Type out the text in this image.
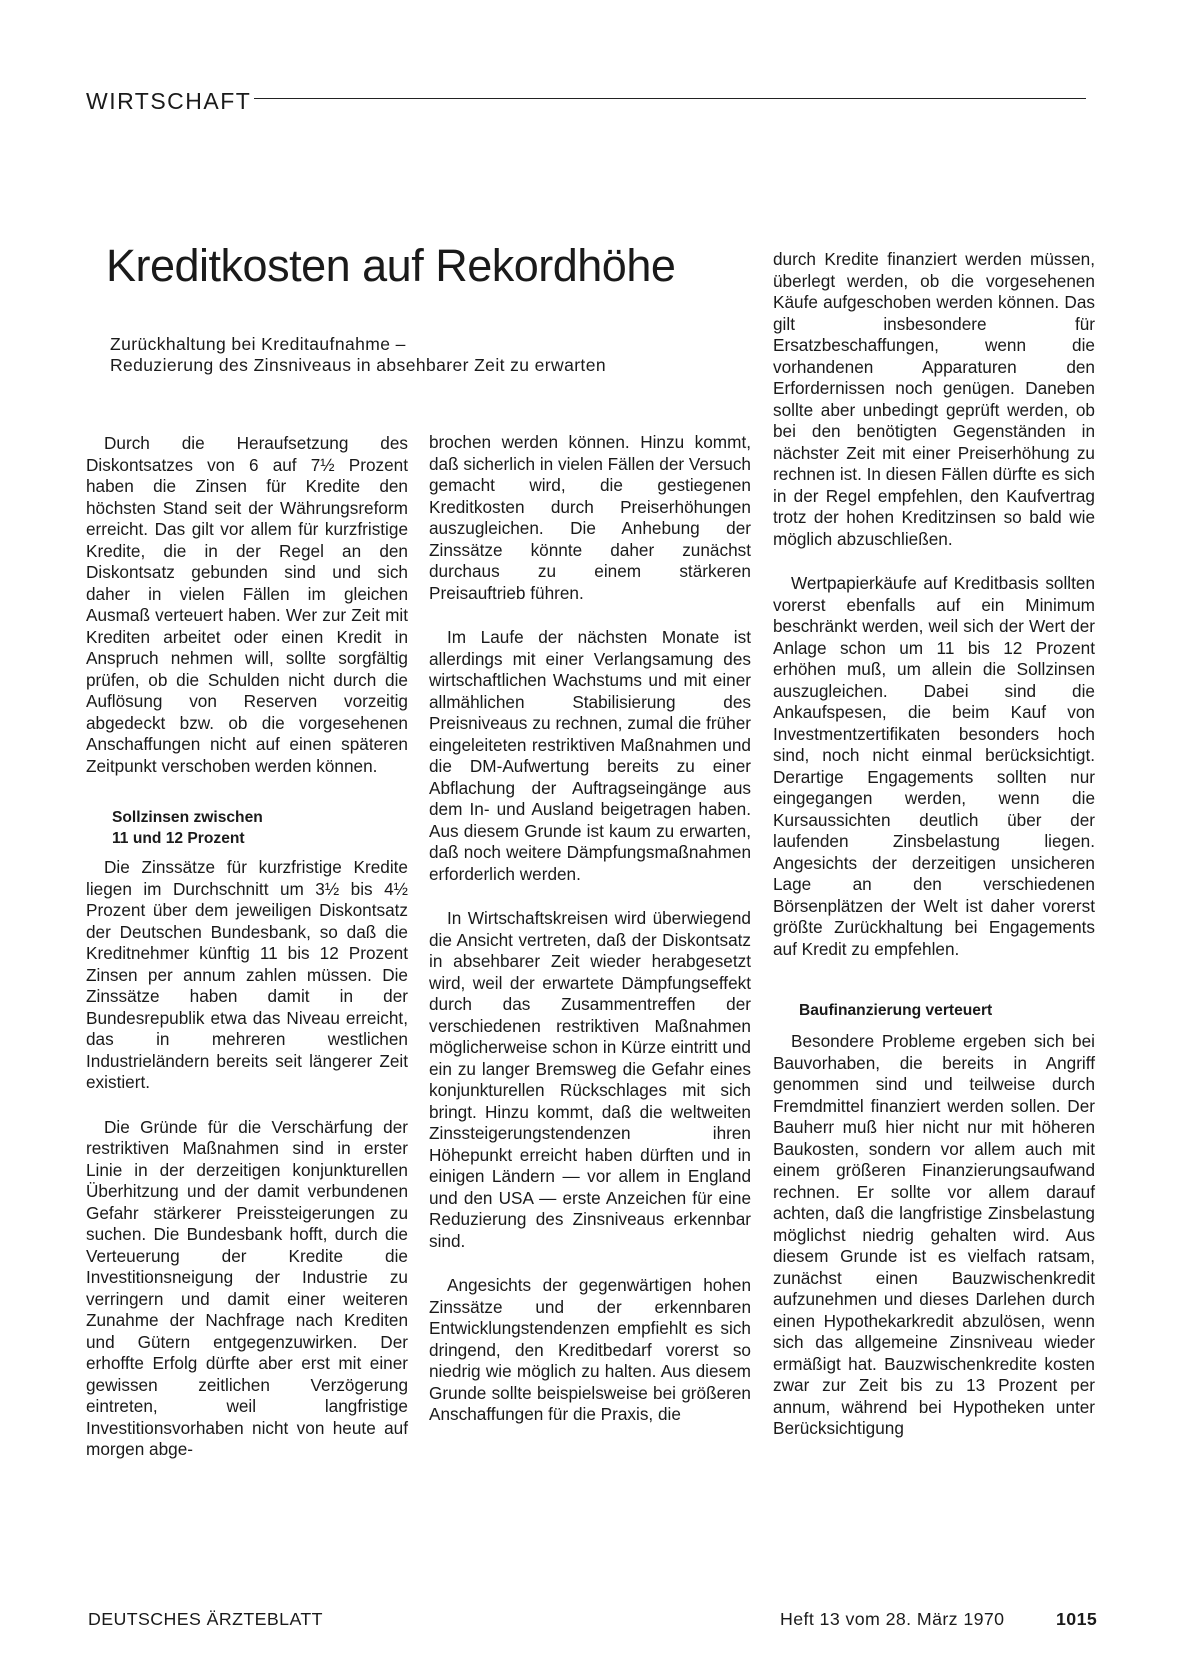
WIRTSCHAFT
Kreditkosten auf Rekordhöhe
Zurückhaltung bei Kreditaufnahme –
Reduzierung des Zinsniveaus in absehbarer Zeit zu erwarten

Durch die Heraufsetzung des Diskontsatzes von 6 auf 7½ Prozent haben die Zinsen für Kredite den höchsten Stand seit der Währungsreform erreicht. Das gilt vor allem für kurzfristige Kredite, die in der Regel an den Diskontsatz gebunden sind und sich daher in vielen Fällen im gleichen Ausmaß verteuert haben. Wer zur Zeit mit Krediten arbeitet oder einen Kredit in Anspruch nehmen will, sollte sorgfältig prüfen, ob die Schulden nicht durch die Auflösung von Reserven vorzeitig abgedeckt bzw. ob die vorgesehenen Anschaffungen nicht auf einen späteren Zeitpunkt verschoben werden können.

Sollzinsen zwischen
11 und 12 Prozent

Die Zinssätze für kurzfristige Kredite liegen im Durchschnitt um 3½ bis 4½ Prozent über dem jeweiligen Diskontsatz der Deutschen Bundesbank, so daß die Kreditnehmer künftig 11 bis 12 Prozent Zinsen per annum zahlen müssen. Die Zinssätze haben damit in der Bundesrepublik etwa das Niveau erreicht, das in mehreren westlichen Industrieländern bereits seit längerer Zeit existiert.

Die Gründe für die Verschärfung der restriktiven Maßnahmen sind in erster Linie in der derzeitigen konjunkturellen Überhitzung und der damit verbundenen Gefahr stärkerer Preissteigerungen zu suchen. Die Bundesbank hofft, durch die Verteuerung der Kredite die Investitionsneigung der Industrie zu verringern und damit einer weiteren Zunahme der Nachfrage nach Krediten und Gütern entgegenzuwirken. Der erhoffte Erfolg dürfte aber erst mit einer gewissen zeitlichen Verzögerung eintreten, weil langfristige Investitionsvorhaben nicht von heute auf morgen abge-

brochen werden können. Hinzu kommt, daß sicherlich in vielen Fällen der Versuch gemacht wird, die gestiegenen Kreditkosten durch Preiserhöhungen auszugleichen. Die Anhebung der Zinssätze könnte daher zunächst durchaus zu einem stärkeren Preisauftrieb führen.

Im Laufe der nächsten Monate ist allerdings mit einer Verlangsamung des wirtschaftlichen Wachstums und mit einer allmählichen Stabilisierung des Preisniveaus zu rechnen, zumal die früher eingeleiteten restriktiven Maßnahmen und die DM-Aufwertung bereits zu einer Abflachung der Auftragseingänge aus dem In- und Ausland beigetragen haben. Aus diesem Grunde ist kaum zu erwarten, daß noch weitere Dämpfungsmaßnahmen erforderlich werden.

In Wirtschaftskreisen wird überwiegend die Ansicht vertreten, daß der Diskontsatz in absehbarer Zeit wieder herabgesetzt wird, weil der erwartete Dämpfungseffekt durch das Zusammentreffen der verschiedenen restriktiven Maßnahmen möglicherweise schon in Kürze eintritt und ein zu langer Bremsweg die Gefahr eines konjunkturellen Rückschlages mit sich bringt. Hinzu kommt, daß die weltweiten Zinssteigerungstendenzen ihren Höhepunkt erreicht haben dürften und in einigen Ländern — vor allem in England und den USA — erste Anzeichen für eine Reduzierung des Zinsniveaus erkennbar sind.

Angesichts der gegenwärtigen hohen Zinssätze und der erkennbaren Entwicklungstendenzen empfiehlt es sich dringend, den Kreditbedarf vorerst so niedrig wie möglich zu halten. Aus diesem Grunde sollte beispielsweise bei größeren Anschaffungen für die Praxis, die

durch Kredite finanziert werden müssen, überlegt werden, ob die vorgesehenen Käufe aufgeschoben werden können. Das gilt insbesondere für Ersatzbeschaffungen, wenn die vorhandenen Apparaturen den Erfordernissen noch genügen. Daneben sollte aber unbedingt geprüft werden, ob bei den benötigten Gegenständen in nächster Zeit mit einer Preiserhöhung zu rechnen ist. In diesen Fällen dürfte es sich in der Regel empfehlen, den Kaufvertrag trotz der hohen Kreditzinsen so bald wie möglich abzuschließen.

Wertpapierkäufe auf Kreditbasis sollten vorerst ebenfalls auf ein Minimum beschränkt werden, weil sich der Wert der Anlage schon um 11 bis 12 Prozent erhöhen muß, um allein die Sollzinsen auszugleichen. Dabei sind die Ankaufspesen, die beim Kauf von Investmentzertifikaten besonders hoch sind, noch nicht einmal berücksichtigt. Derartige Engagements sollten nur eingegangen werden, wenn die Kursaussichten deutlich über der laufenden Zinsbelastung liegen. Angesichts der derzeitigen unsicheren Lage an den verschiedenen Börsenplätzen der Welt ist daher vorerst größte Zurückhaltung bei Engagements auf Kredit zu empfehlen.

Baufinanzierung verteuert

Besondere Probleme ergeben sich bei Bauvorhaben, die bereits in Angriff genommen sind und teilweise durch Fremdmittel finanziert werden sollen. Der Bauherr muß hier nicht nur mit höheren Baukosten, sondern vor allem auch mit einem größeren Finanzierungsaufwand rechnen. Er sollte vor allem darauf achten, daß die langfristige Zinsbelastung möglichst niedrig gehalten wird. Aus diesem Grunde ist es vielfach ratsam, zunächst einen Bauzwischenkredit aufzunehmen und dieses Darlehen durch einen Hypothekarkredit abzulösen, wenn sich das allgemeine Zinsniveau wieder ermäßigt hat. Bauzwischenkredite kosten zwar zur Zeit bis zu 13 Prozent per annum, während bei Hypotheken unter Berücksichtigung

DEUTSCHES ÄRZTEBLATT	Heft 13 vom 28. März 1970	1015
